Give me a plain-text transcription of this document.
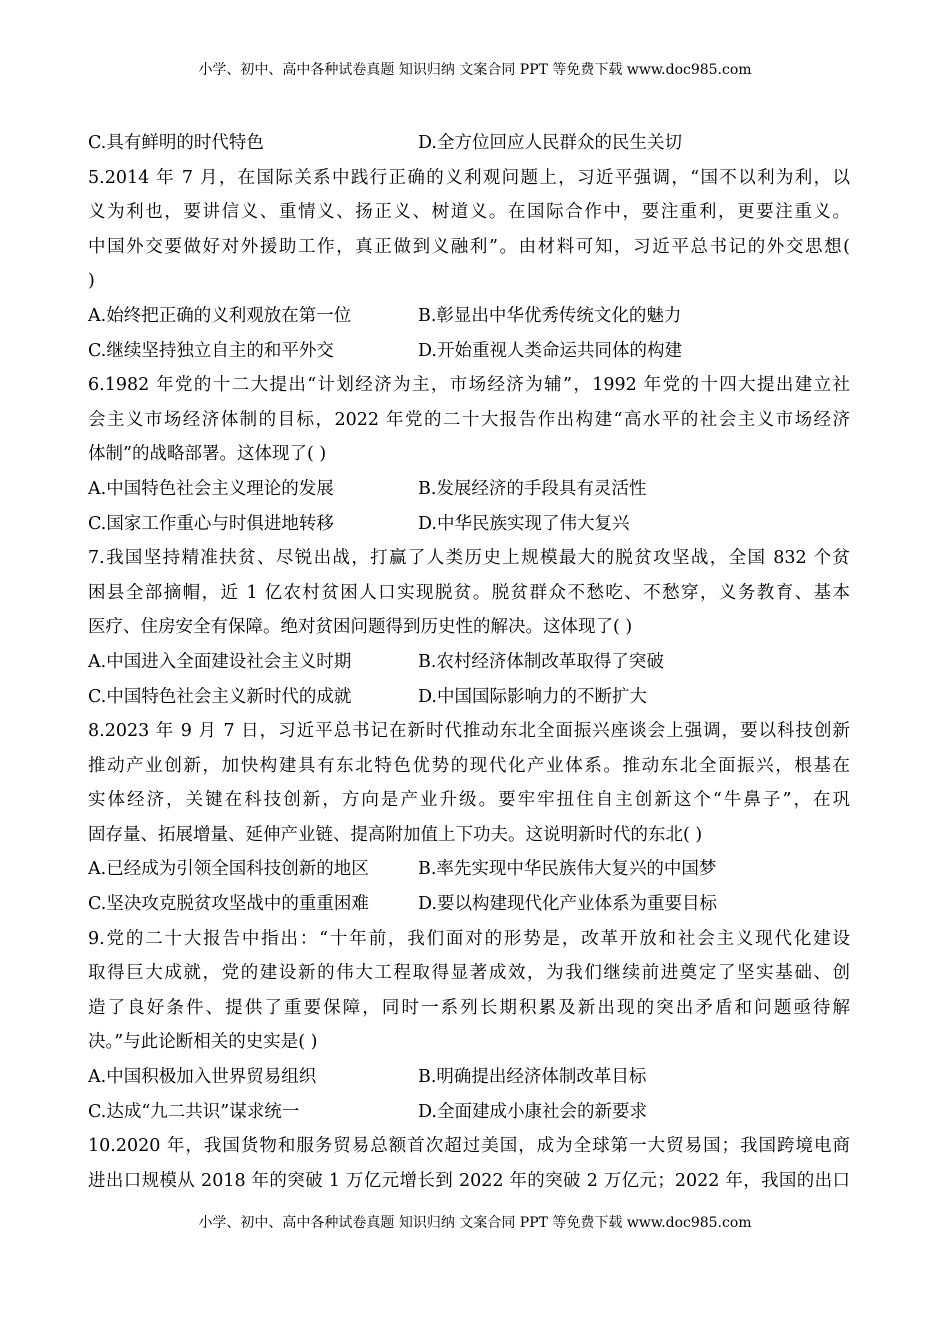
小学、初中、高中各种试卷真题 知识归纳 文案合同 PPT 等免费下载 www.doc985.com
C.具有鲜明的时代特色	D.全方位回应人民群众的民生关切
5.2014 年 7 月，在国际关系中践行正确的义利观问题上，习近平强调，“国不以利为利，以
义为利也，要讲信义、重情义、扬正义、树道义。在国际合作中，要注重利，更要注重义。
中国外交要做好对外援助工作，真正做到义融利”。由材料可知，习近平总书记的外交思想(
)
A.始终把正确的义利观放在第一位	B.彰显出中华优秀传统文化的魅力
C.继续坚持独立自主的和平外交	D.开始重视人类命运共同体的构建
6.1982 年党的十二大提出“计划经济为主，市场经济为辅”，1992 年党的十四大提出建立社
会主义市场经济体制的目标，2022 年党的二十大报告作出构建“高水平的社会主义市场经济
体制”的战略部署。这体现了( )
A.中国特色社会主义理论的发展	B.发展经济的手段具有灵活性
C.国家工作重心与时俱进地转移	D.中华民族实现了伟大复兴
7.我国坚持精准扶贫、尽锐出战，打赢了人类历史上规模最大的脱贫攻坚战，全国 832 个贫
困县全部摘帽，近 1 亿农村贫困人口实现脱贫。脱贫群众不愁吃、不愁穿，义务教育、基本
医疗、住房安全有保障。绝对贫困问题得到历史性的解决。这体现了( )
A.中国进入全面建设社会主义时期	B.农村经济体制改革取得了突破
C.中国特色社会主义新时代的成就	D.中国国际影响力的不断扩大
8.2023 年 9 月 7 日，习近平总书记在新时代推动东北全面振兴座谈会上强调，要以科技创新
推动产业创新，加快构建具有东北特色优势的现代化产业体系。推动东北全面振兴，根基在
实体经济，关键在科技创新，方向是产业升级。要牢牢扭住自主创新这个“牛鼻子”，在巩
固存量、拓展增量、延伸产业链、提高附加值上下功夫。这说明新时代的东北( )
A.已经成为引领全国科技创新的地区	B.率先实现中华民族伟大复兴的中国梦
C.坚决攻克脱贫攻坚战中的重重困难	D.要以构建现代化产业体系为重要目标
9.党的二十大报告中指出：“十年前，我们面对的形势是，改革开放和社会主义现代化建设
取得巨大成就，党的建设新的伟大工程取得显著成效，为我们继续前进奠定了坚实基础、创
造了良好条件、提供了重要保障，同时一系列长期积累及新出现的突出矛盾和问题亟待解
决。”与此论断相关的史实是( )
A.中国积极加入世界贸易组织	B.明确提出经济体制改革目标
C.达成“九二共识”谋求统一	D.全面建成小康社会的新要求
10.2020 年，我国货物和服务贸易总额首次超过美国，成为全球第一大贸易国；我国跨境电商
进出口规模从 2018 年的突破 1 万亿元增长到 2022 年的突破 2 万亿元；2022 年，我国的出口
小学、初中、高中各种试卷真题 知识归纳 文案合同 PPT 等免费下载 www.doc985.com
